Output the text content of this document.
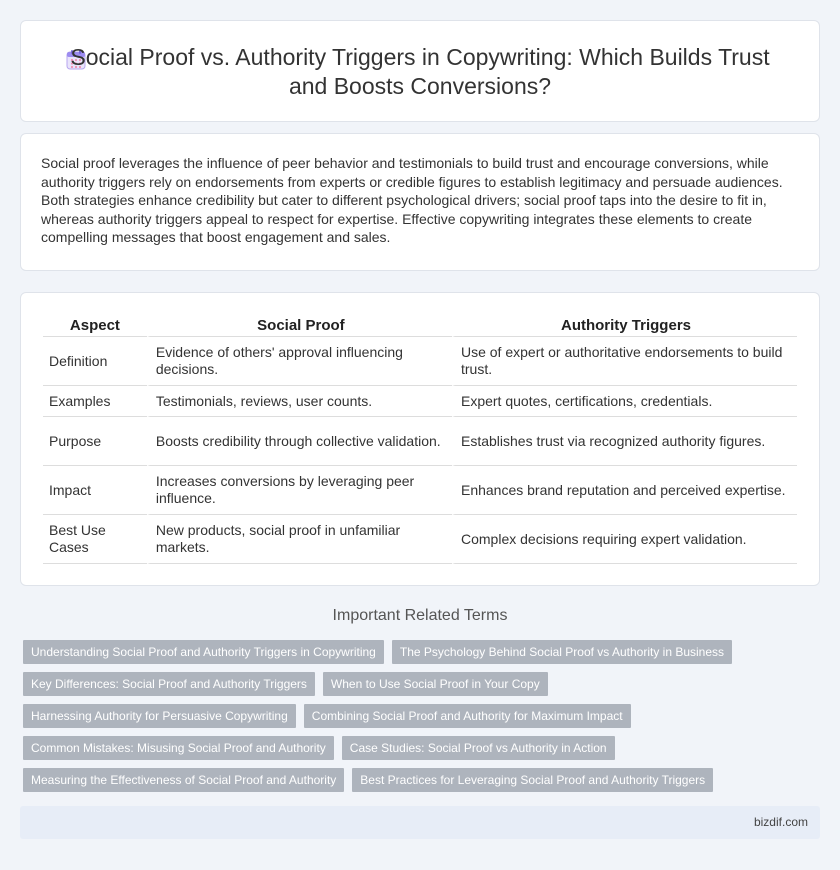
Social Proof vs. Authority Triggers in Copywriting: Which Builds Trust and Boosts Conversions?

Social proof leverages the influence of peer behavior and testimonials to build trust and encourage conversions, while authority triggers rely on endorsements from experts or credible figures to establish legitimacy and persuade audiences. Both strategies enhance credibility but cater to different psychological drivers; social proof taps into the desire to fit in, whereas authority triggers appeal to respect for expertise. Effective copywriting integrates these elements to create compelling messages that boost engagement and sales.

Aspect	Social Proof	Authority Triggers
Definition	Evidence of others' approval influencing decisions.	Use of expert or authoritative endorsements to build trust.
Examples	Testimonials, reviews, user counts.	Expert quotes, certifications, credentials.
Purpose	Boosts credibility through collective validation.	Establishes trust via recognized authority figures.
Impact	Increases conversions by leveraging peer influence.	Enhances brand reputation and perceived expertise.
Best Use Cases	New products, social proof in unfamiliar markets.	Complex decisions requiring expert validation.
Important Related Terms
Understanding Social Proof and Authority Triggers in Copywriting	The Psychology Behind Social Proof vs Authority in Business
Key Differences: Social Proof and Authority Triggers	When to Use Social Proof in Your Copy
Harnessing Authority for Persuasive Copywriting	Combining Social Proof and Authority for Maximum Impact
Common Mistakes: Misusing Social Proof and Authority	Case Studies: Social Proof vs Authority in Action
Measuring the Effectiveness of Social Proof and Authority	Best Practices for Leveraging Social Proof and Authority Triggers
bizdif.com
